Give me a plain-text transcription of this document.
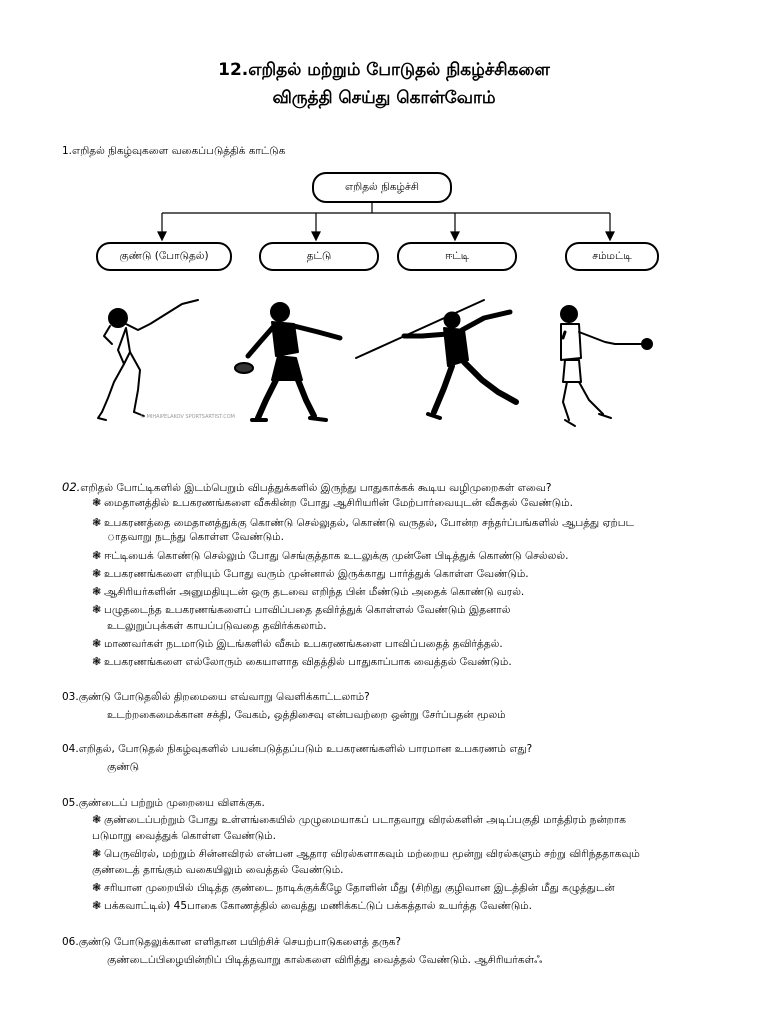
12.எறிதல் மற்றும் போடுதல் நிகழ்ச்சிகளை
விருத்தி செய்து கொள்வோம்
1.எறிதல் நிகழ்வுகளை வகைப்படுத்திக் காட்டுக
எறிதல் நிகழ்ச்சி
குண்டு (போடுதல்)	தட்டு	ஈட்டி	சம்மட்டி
© MIHAIPELAKOV SPORTSARTIST.COM
02.எறிதல் போட்டிகளில் இடம்பெறும் விபத்துக்களில் இருந்து பாதுகாக்கக் கூடிய வழிமுறைகள் எவை?
❃ மைதானத்தில் உபகரணங்களை வீசுகின்ற போது ஆசிரியரின் மேற்பார்வையுடன் வீசுதல் வேண்டும்.
❃ உபகரணத்தை மைதானத்துக்கு கொண்டு செல்லுதல், கொண்டு வருதல், போன்ற சந்தர்ப்பங்களில் ஆபத்து ஏற்பட
ாதவாறு நடந்து கொள்ள வேண்டும்.
❃ ஈட்டியைக் கொண்டு செல்லும் போது செங்குத்தாக உடலுக்கு முன்னே பிடித்துக் கொண்டு செல்லல்.
❃ உபகரணங்களை எறியும் போது வரும் முன்னால் இருக்காது பார்த்துக் கொள்ள வேண்டும்.
❃ ஆசிரியர்களின் அனுமதியுடன் ஒரு தடவை எறிந்த பின் மீண்டும் அதைக் கொண்டு வரல்.
❃ பழுதடைந்த உபகரணங்களைப் பாவிப்பதை தவிர்த்துக் கொள்ளல் வேண்டும் இதனால்
உடலுறுப்புக்கள் காயப்படுவதை தவிர்க்கலாம்.
❃ மாணவர்கள் நடமாடும் இடங்களில் வீசும் உபகரணங்களை பாவிப்பதைத் தவிர்த்தல்.
❃ உபகரணங்களை எல்லோரும் கையாளாத விதத்தில் பாதுகாப்பாக வைத்தல் வேண்டும்.
03.குண்டு போடுதலில் திறமையை எவ்வாறு வெளிக்காட்டலாம்?
உடற்றகைமைக்கான சக்தி, வேகம், ஒத்திசைவு என்பவற்றை ஒன்று சேர்ப்பதன் மூலம்
04.எறிதல், போடுதல் நிகழ்வுகளில் பயன்படுத்தப்படும் உபகரணங்களில் பாரமான உபகரணம் எது?
குண்டு
05.குண்டைப் பற்றும் முறையை விளக்குக.
❃ குண்டைப்பற்றும் போது உள்ளங்கையில் முழுமையாகப் படாதவாறு விரல்களின் அடிப்பகுதி மாத்திரம் நன்றாக
படுமாறு வைத்துக் கொள்ள வேண்டும்.
❃ பெருவிரல், மற்றும் சின்னவிரல் என்பன ஆதார விரல்களாகவும் மற்றைய மூன்று விரல்களும் சற்று விரிந்ததாகவும்
குண்டைத் தாங்கும் வகையிலும் வைத்தல் வேண்டும்.
❃ சரியான முறையில் பிடித்த குண்டை நாடிக்குக்கீழே தோளின் மீது (சிறிது குழிவான இடத்தின் மீது கழுத்துடன்
❃ பக்கவாட்டில்) 45பாகை கோணத்தில் வைத்து மணிக்கட்டுப் பக்கத்தால் உயர்த்த வேண்டும்.
06.குண்டு போடுதலுக்கான எளிதான பயிற்சிச் செயற்பாடுகளைத் தருக?
குண்டைப்பிழையின்றிப் பிடித்தவாறு கால்களை விரித்து வைத்தல் வேண்டும். ஆசிரியர்கள்ஃ
